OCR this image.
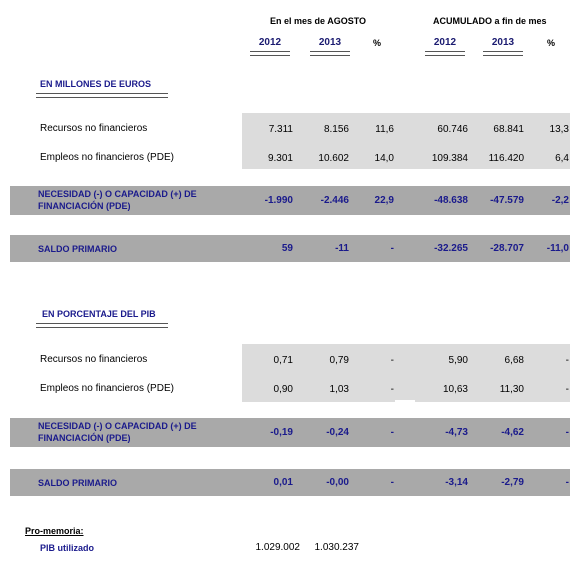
En el mes de AGOSTO	ACUMULADO a fin de mes
2012	2013	%	2012	2013	%
EN MILLONES DE EUROS
Recursos no financieros	7.311	8.156	11,6	60.746	68.841	13,3
Empleos no financieros (PDE)	9.301	10.602	14,0	109.384 116.420	6,4
NECESIDAD (-) O CAPACIDAD (+) DE
FINANCIACIÓN (PDE)	-1.990	-2.446	22,9	-48.638 -47.579	-2,2
SALDO PRIMARIO	59	-11	-	-32.265 -28.707 -11,0
EN PORCENTAJE DEL PIB
Recursos no financieros	0,71	0,79	-	5,90	6,68	-
Empleos no financieros (PDE)	0,90	1,03	-	10,63	11,30	-
NECESIDAD (-) O CAPACIDAD (+) DE
FINANCIACIÓN (PDE)	-0,19	-0,24	-	-4,73	-4,62	-
SALDO PRIMARIO	0,01	-0,00	-	-3,14	-2,79	-
Pro-memoria:
PIB utilizado	1.029.002 1.030.237
